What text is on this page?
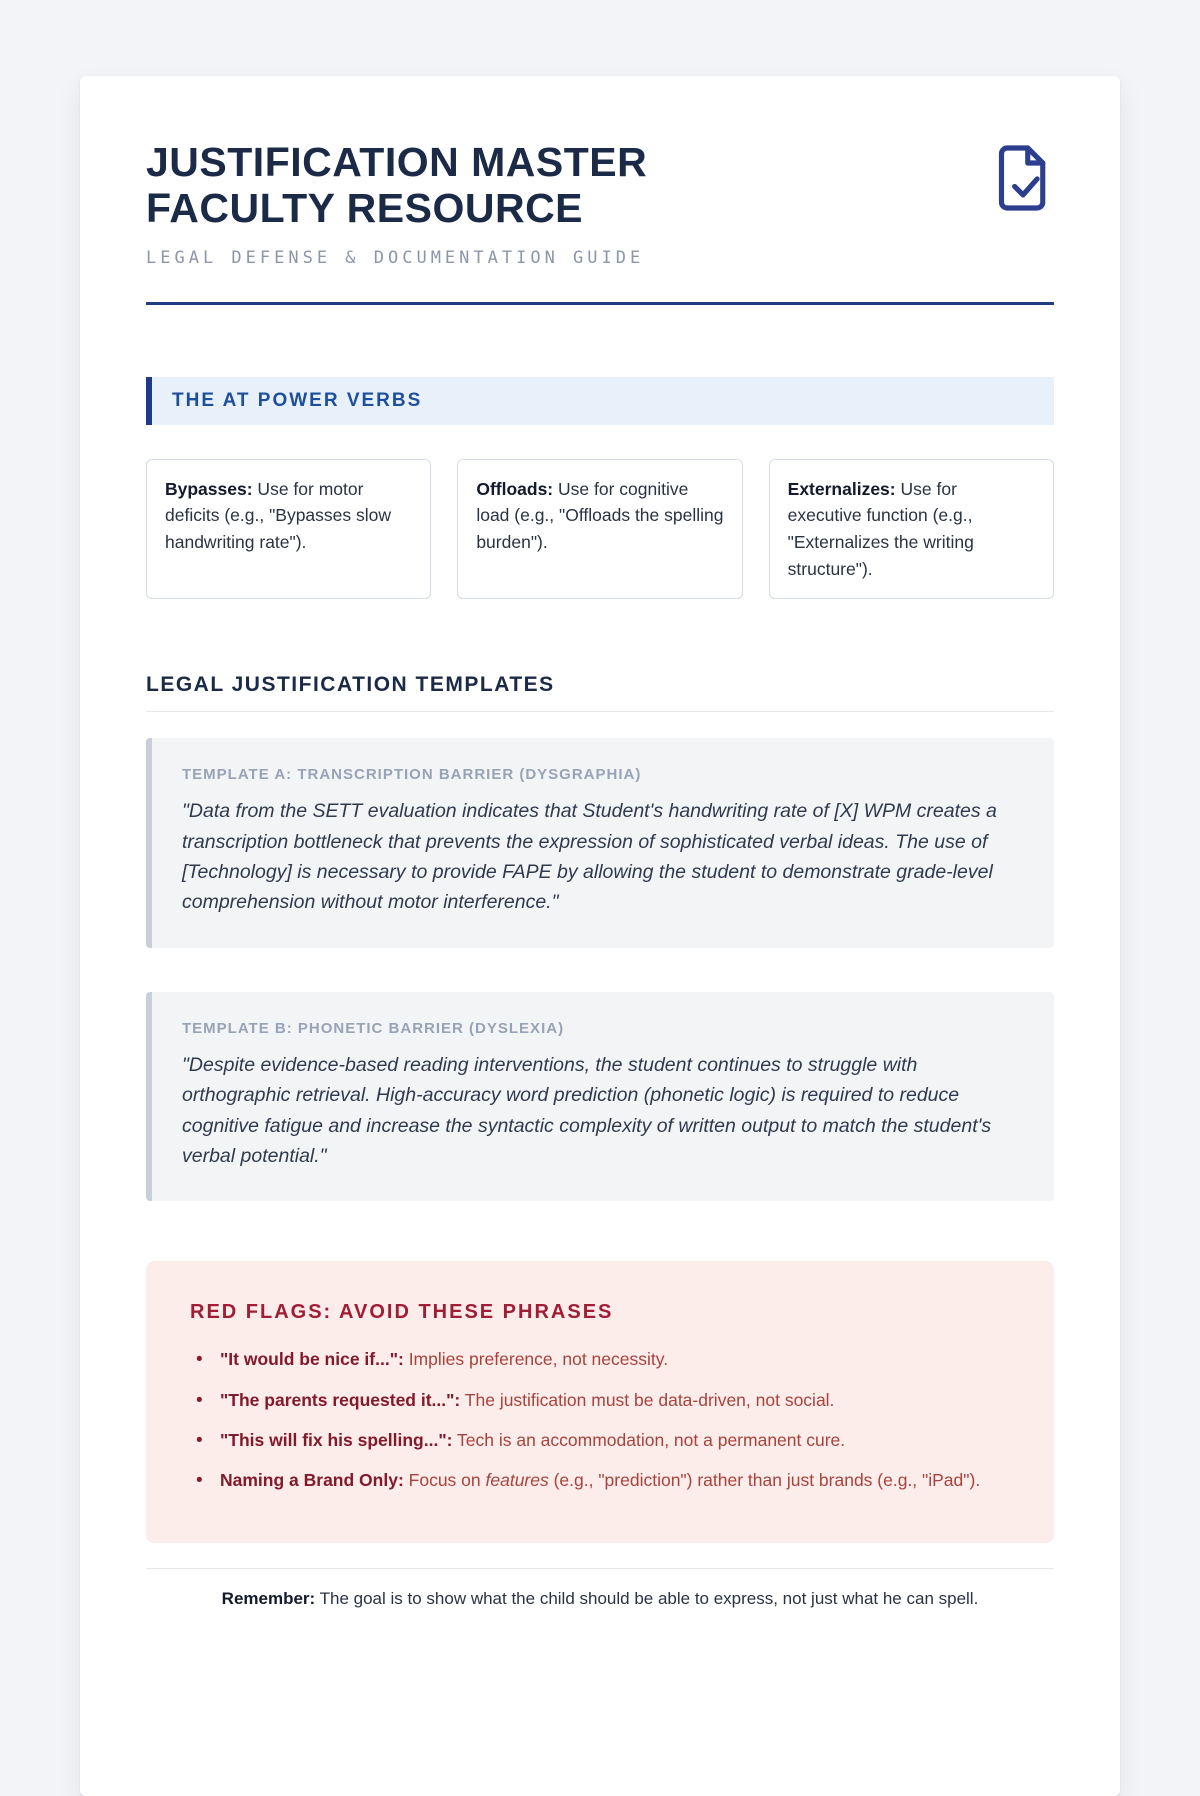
JUSTIFICATION MASTER
FACULTY RESOURCE
LEGAL DEFENSE & DOCUMENTATION GUIDE
THE AT POWER VERBS
Bypasses: Use for motor deficits (e.g., "Bypasses slow handwriting rate").
Offloads: Use for cognitive load (e.g., "Offloads the spelling burden").
Externalizes: Use for executive function (e.g., "Externalizes the writing structure").
LEGAL JUSTIFICATION TEMPLATES
TEMPLATE A: TRANSCRIPTION BARRIER (DYSGRAPHIA)
"Data from the SETT evaluation indicates that Student's handwriting rate of [X] WPM creates a transcription bottleneck that prevents the expression of sophisticated verbal ideas. The use of [Technology] is necessary to provide FAPE by allowing the student to demonstrate grade-level comprehension without motor interference."
TEMPLATE B: PHONETIC BARRIER (DYSLEXIA)
"Despite evidence-based reading interventions, the student continues to struggle with orthographic retrieval. High-accuracy word prediction (phonetic logic) is required to reduce cognitive fatigue and increase the syntactic complexity of written output to match the student's verbal potential."
RED FLAGS: AVOID THESE PHRASES
• "It would be nice if...": Implies preference, not necessity.
• "The parents requested it...": The justification must be data-driven, not social.
• "This will fix his spelling...": Tech is an accommodation, not a permanent cure.
• Naming a Brand Only: Focus on features (e.g., "prediction") rather than just brands (e.g., "iPad").
Remember: The goal is to show what the child should be able to express, not just what he can spell.
